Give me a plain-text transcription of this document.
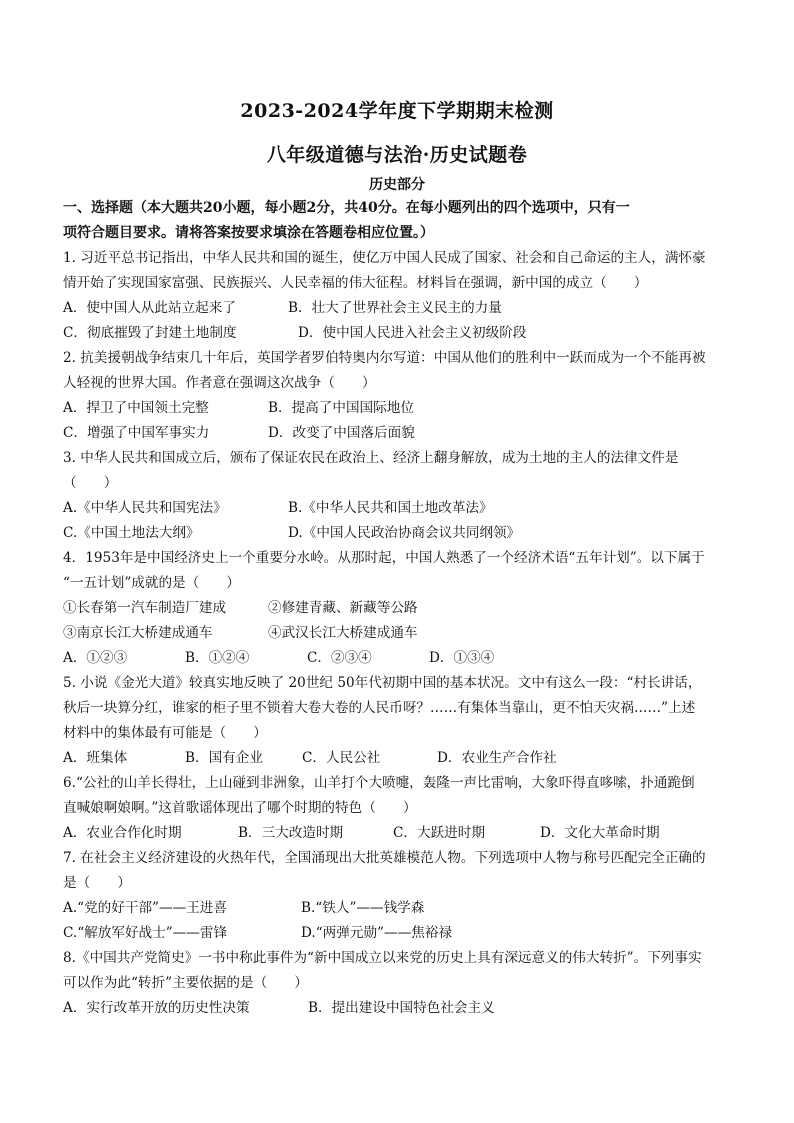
2023-2024学年度下学期期末检测
八年级道德与法治·历史试题卷
历史部分

一、选择题（本大题共20小题，每小题2分，共40分。在每小题列出的四个选项中，只有一

项符合题目要求。请将答案按要求填涂在答题卷相应位置。）

1. 习近平总书记指出，中华人民共和国的诞生，使亿万中国人民成了国家、社会和自己命运的主人，满怀豪

情开始了实现国家富强、民族振兴、人民幸福的伟大征程。材料旨在强调，新中国的成立（　　）

A．使中国人从此站立起来了	B．壮大了世界社会主义民主的力量
C．彻底摧毁了封建土地制度	D．使中国人民进入社会主义初级阶段

2. 抗美援朝战争结束几十年后，英国学者罗伯特奥内尔写道：中国从他们的胜利中一跃而成为一个不能再被

人轻视的世界大国。作者意在强调这次战争（　　）

A．捍卫了中国领土完整	B．提高了中国国际地位
C．增强了中国军事实力	D．改变了中国落后面貌

3. 中华人民共和国成立后，颁布了保证农民在政治上、经济上翻身解放，成为土地的主人的法律文件是

（　　）

A.《中华人民共和国宪法》	B.《中华人民共和国土地改革法》
C.《中国土地法大纲》	D.《中国人民政治协商会议共同纲领》

4．1953年是中国经济史上一个重要分水岭。从那时起，中国人熟悉了一个经济术语“五年计划”。以下属于

“一五计划”成就的是（　　）

①长春第一汽车制造厂建成	②修建青藏、新藏等公路
③南京长江大桥建成通车	④武汉长江大桥建成通车
A．①②③	B．①②④	C．②③④	D．①③④

5. 小说《金光大道》较真实地反映了 20世纪 50年代初期中国的基本状况。文中有这么一段：“村长讲话，

秋后一块算分红，谁家的柜子里不锁着大卷大卷的人民币呀？……有集体当靠山，更不怕天灾祸……”上述

材料中的集体最有可能是（　　）

A．班集体	B．国有企业	C．人民公社	D．农业生产合作社

6.“公社的山羊长得壮，上山碰到非洲象，山羊打个大喷嚏，轰隆一声比雷响，大象吓得直哆嗦，扑通跪倒

直喊娘啊娘啊。”这首歌谣体现出了哪个时期的特色（　　）

A．农业合作化时期	B．三大改造时期	C．大跃进时期	D．文化大革命时期

7. 在社会主义经济建设的火热年代，全国涌现出大批英雄模范人物。下列选项中人物与称号匹配完全正确的

是（　　）

A.“党的好干部”——王进喜	B.“铁人”——钱学森
C.“解放军好战士”——雷锋	D.“两弹元勋”——焦裕禄

8.《中国共产党简史》一书中称此事件为“新中国成立以来党的历史上具有深远意义的伟大转折”。下列事实

可以作为此“转折”主要依据的是（　　）

A．实行改革开放的历史性决策	B．提出建设中国特色社会主义
